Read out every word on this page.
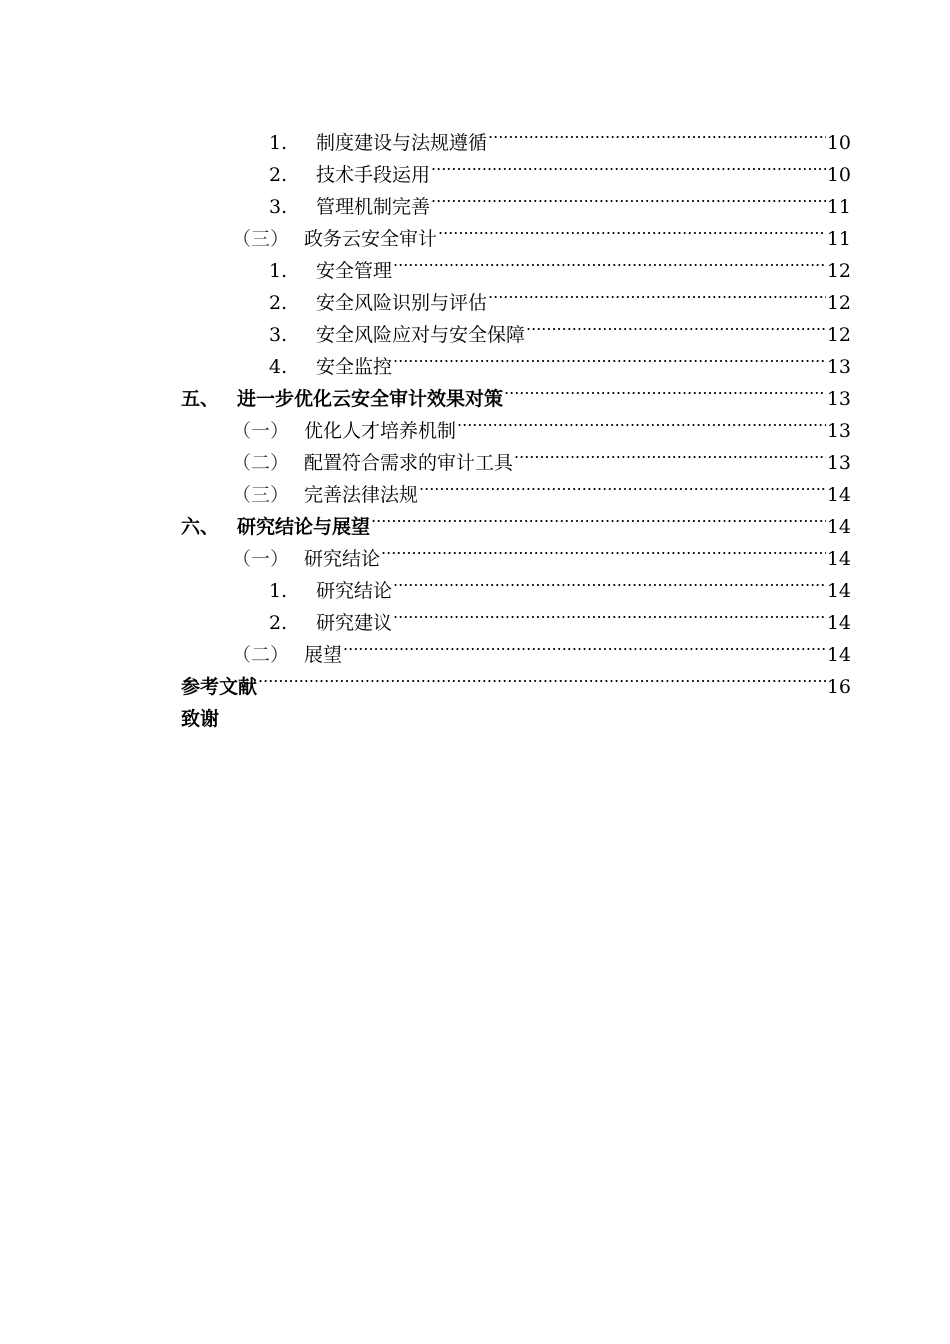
1.	制度建设与法规遵循 .....	10
2.	技术手段运用 .....	10
3.	管理机制完善 .....	11
（三） 政务云安全审计 .....	11
1.	安全管理 .....	12
2.	安全风险识别与评估 .....	12
3.	安全风险应对与安全保障 .....	12
4.	安全监控 .....	13
五、 进一步优化云安全审计效果对策 .....	13
（一） 优化人才培养机制 .....	13
（二） 配置符合需求的审计工具 .....	13
（三） 完善法律法规 .....	14
六、 研究结论与展望 .....	14
（一） 研究结论 .....	14
1.	研究结论 .....	14
2.	研究建议 .....	14
（二） 展望 .....	14
参考文献 .....	16
致谢
